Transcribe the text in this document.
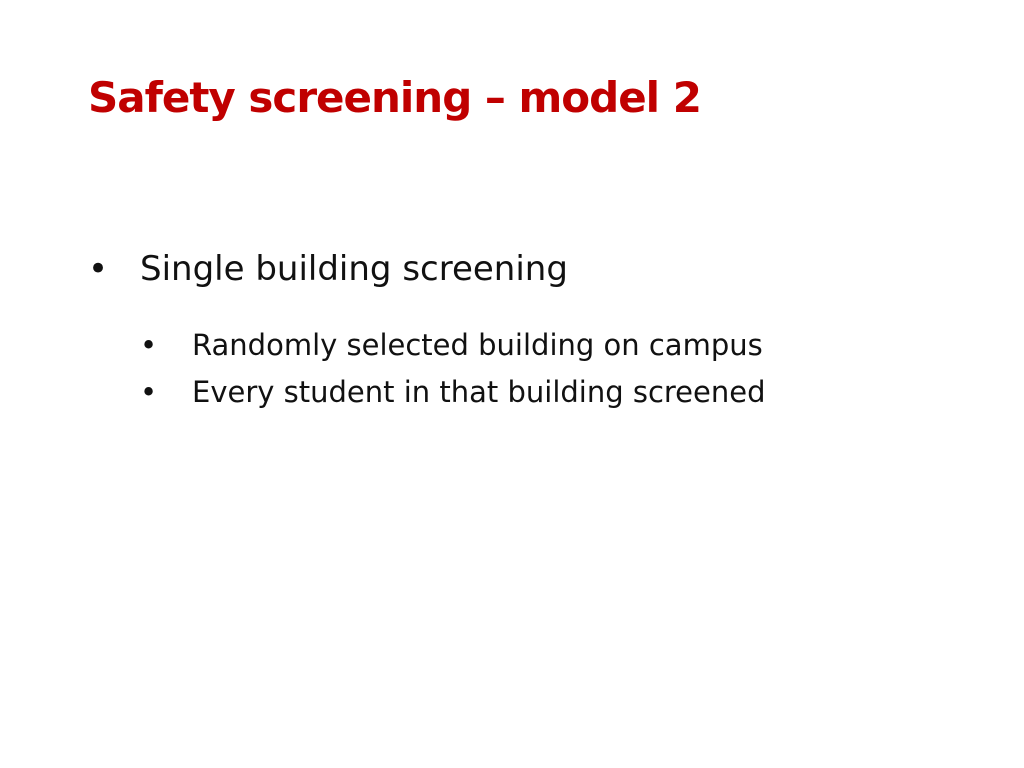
Safety screening – model 2
• Single building screening
• Randomly selected building on campus
• Every student in that building screened
